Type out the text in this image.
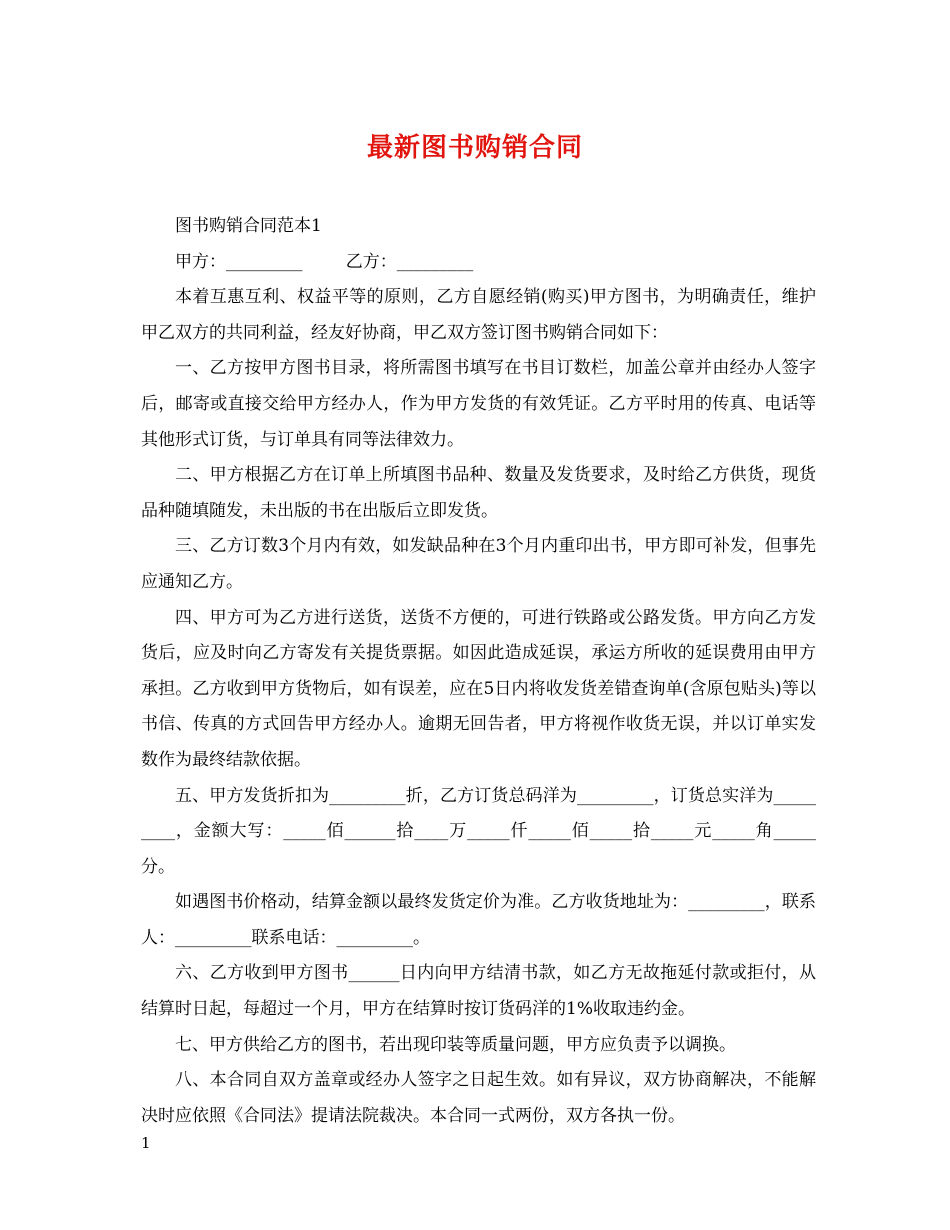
最新图书购销合同

图书购销合同范本1

甲方：_________        乙方：_________

本着互惠互利、权益平等的原则，乙方自愿经销(购买)甲方图书，为明确责任，维护甲乙双方的共同利益，经友好协商，甲乙双方签订图书购销合同如下：

一、乙方按甲方图书目录，将所需图书填写在书目订数栏，加盖公章并由经办人签字后，邮寄或直接交给甲方经办人，作为甲方发货的有效凭证。乙方平时用的传真、电话等其他形式订货，与订单具有同等法律效力。

二、甲方根据乙方在订单上所填图书品种、数量及发货要求，及时给乙方供货，现货品种随填随发，未出版的书在出版后立即发货。

三、乙方订数3个月内有效，如发缺品种在3个月内重印出书，甲方即可补发，但事先应通知乙方。

四、甲方可为乙方进行送货，送货不方便的，可进行铁路或公路发货。甲方向乙方发货后，应及时向乙方寄发有关提货票据。如因此造成延误，承运方所收的延误费用由甲方承担。乙方收到甲方货物后，如有误差，应在5日内将收发货差错查询单(含原包贴头)等以书信、传真的方式回告甲方经办人。逾期无回告者，甲方将视作收货无误，并以订单实发数作为最终结款依据。

五、甲方发货折扣为_________折，乙方订货总码洋为_________，订货总实洋为_________，金额大写：_____佰______拾____万_____仟_____佰_____拾_____元_____角_____分。

如遇图书价格动，结算金额以最终发货定价为准。乙方收货地址为：_________，联系人：_________联系电话：_________。

六、乙方收到甲方图书______日内向甲方结清书款，如乙方无故拖延付款或拒付，从结算时日起，每超过一个月，甲方在结算时按订货码洋的1%收取违约金。

七、甲方供给乙方的图书，若出现印装等质量问题，甲方应负责予以调换。

八、本合同自双方盖章或经办人签字之日起生效。如有异议，双方协商解决，不能解决时应依照《合同法》提请法院裁决。本合同一式两份，双方各执一份。

1
